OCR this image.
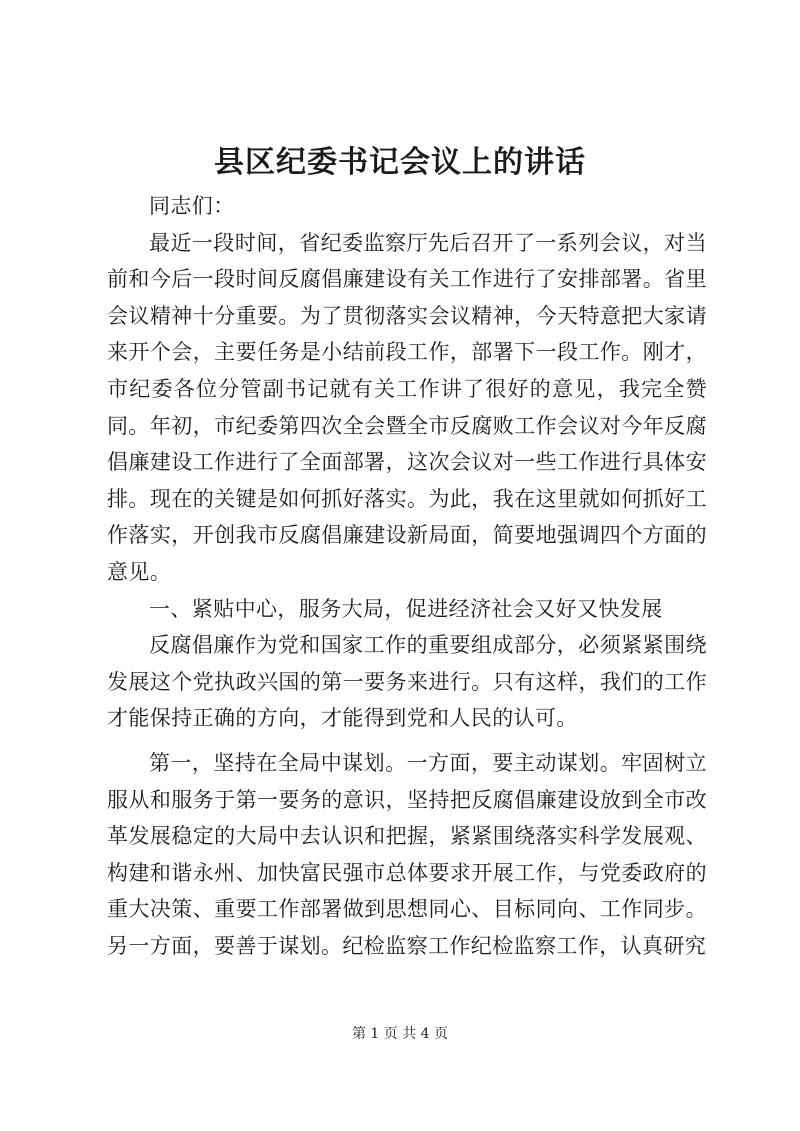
县区纪委书记会议上的讲话

同志们：

最近一段时间，省纪委监察厅先后召开了一系列会议，对当前和今后一段时间反腐倡廉建设有关工作进行了安排部署。省里会议精神十分重要。为了贯彻落实会议精神，今天特意把大家请来开个会，主要任务是小结前段工作，部署下一段工作。刚才，市纪委各位分管副书记就有关工作讲了很好的意见，我完全赞同。年初，市纪委第四次全会暨全市反腐败工作会议对今年反腐倡廉建设工作进行了全面部署，这次会议对一些工作进行具体安排。现在的关键是如何抓好落实。为此，我在这里就如何抓好工作落实，开创我市反腐倡廉建设新局面，简要地强调四个方面的意见。

一、紧贴中心，服务大局，促进经济社会又好又快发展

反腐倡廉作为党和国家工作的重要组成部分，必须紧紧围绕发展这个党执政兴国的第一要务来进行。只有这样，我们的工作才能保持正确的方向，才能得到党和人民的认可。

第一，坚持在全局中谋划。一方面，要主动谋划。牢固树立服从和服务于第一要务的意识，坚持把反腐倡廉建设放到全市改革发展稳定的大局中去认识和把握，紧紧围绕落实科学发展观、构建和谐永州、加快富民强市总体要求开展工作，与党委政府的重大决策、重要工作部署做到思想同心、目标同向、工作同步。另一方面，要善于谋划。纪检监察工作纪检监察工作，认真研究

第 1 页 共 4 页
